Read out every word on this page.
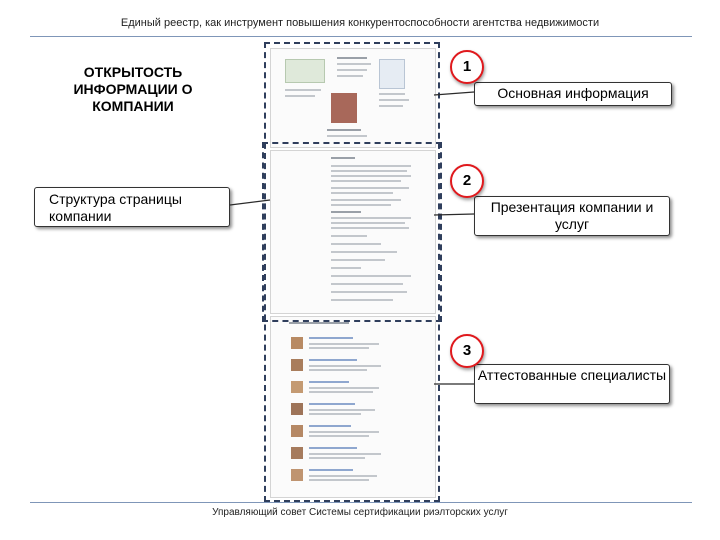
Единый реестр, как инструмент повышения конкурентоспособности агентства недвижимости
ОТКРЫТОСТЬ ИНФОРМАЦИИ О КОМПАНИИ
Структура страницы компании
Основная информация
Презентация компании и услуг
Аттестованные специалисты
1
2
3
Управляющий совет Системы сертификации риэлторских услуг
